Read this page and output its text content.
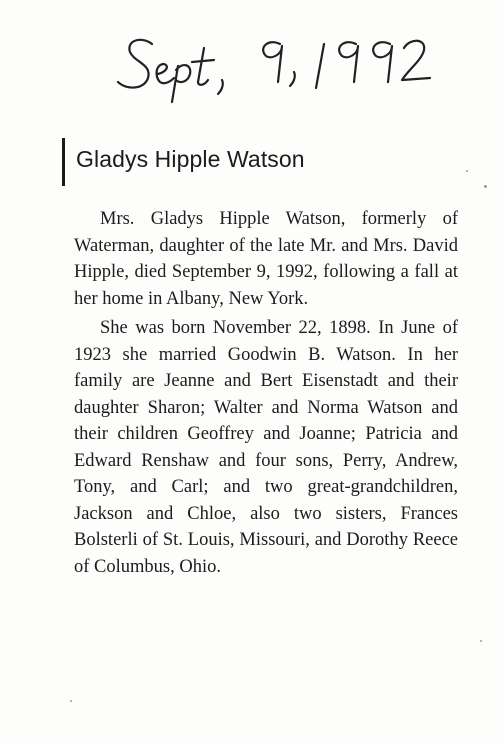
Gladys Hipple Watson

Mrs. Gladys Hipple Watson, formerly of Waterman, daughter of the late Mr. and Mrs. David Hipple, died September 9, 1992, following a fall at her home in Albany, New York.

She was born November 22, 1898. In June of 1923 she married Goodwin B. Watson. In her family are Jeanne and Bert Eisenstadt and their daughter Sharon; Walter and Norma Watson and their children Geoffrey and Joanne; Patricia and Edward Renshaw and four sons, Perry, Andrew, Tony, and Carl; and two great-grandchildren, Jackson and Chloe, also two sisters, Frances Bolsterli of St. Louis, Missouri, and Dorothy Reece of Columbus, Ohio.
